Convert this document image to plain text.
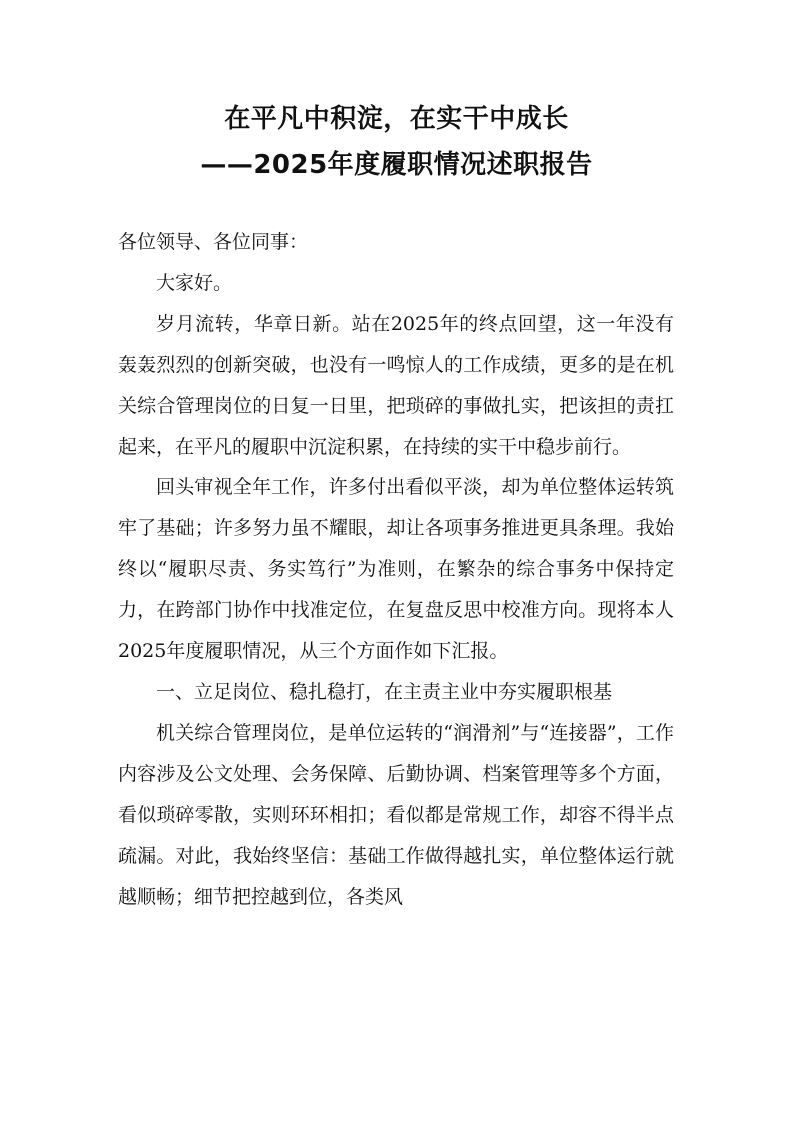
在平凡中积淀，在实干中成长
——2025年度履职情况述职报告

各位领导、各位同事：

大家好。

岁月流转，华章日新。站在2025年的终点回望，这一年没有轰轰烈烈的创新突破，也没有一鸣惊人的工作成绩，更多的是在机关综合管理岗位的日复一日里，把琐碎的事做扎实，把该担的责扛起来，在平凡的履职中沉淀积累，在持续的实干中稳步前行。

回头审视全年工作，许多付出看似平淡，却为单位整体运转筑牢了基础；许多努力虽不耀眼，却让各项事务推进更具条理。我始终以“履职尽责、务实笃行”为准则，在繁杂的综合事务中保持定力，在跨部门协作中找准定位，在复盘反思中校准方向。现将本人2025年度履职情况，从三个方面作如下汇报。

一、立足岗位、稳扎稳打，在主责主业中夯实履职根基

机关综合管理岗位，是单位运转的“润滑剂”与“连接器”，工作内容涉及公文处理、会务保障、后勤协调、档案管理等多个方面，看似琐碎零散，实则环环相扣；看似都是常规工作，却容不得半点疏漏。对此，我始终坚信：基础工作做得越扎实，单位整体运行就越顺畅；细节把控越到位，各类风
